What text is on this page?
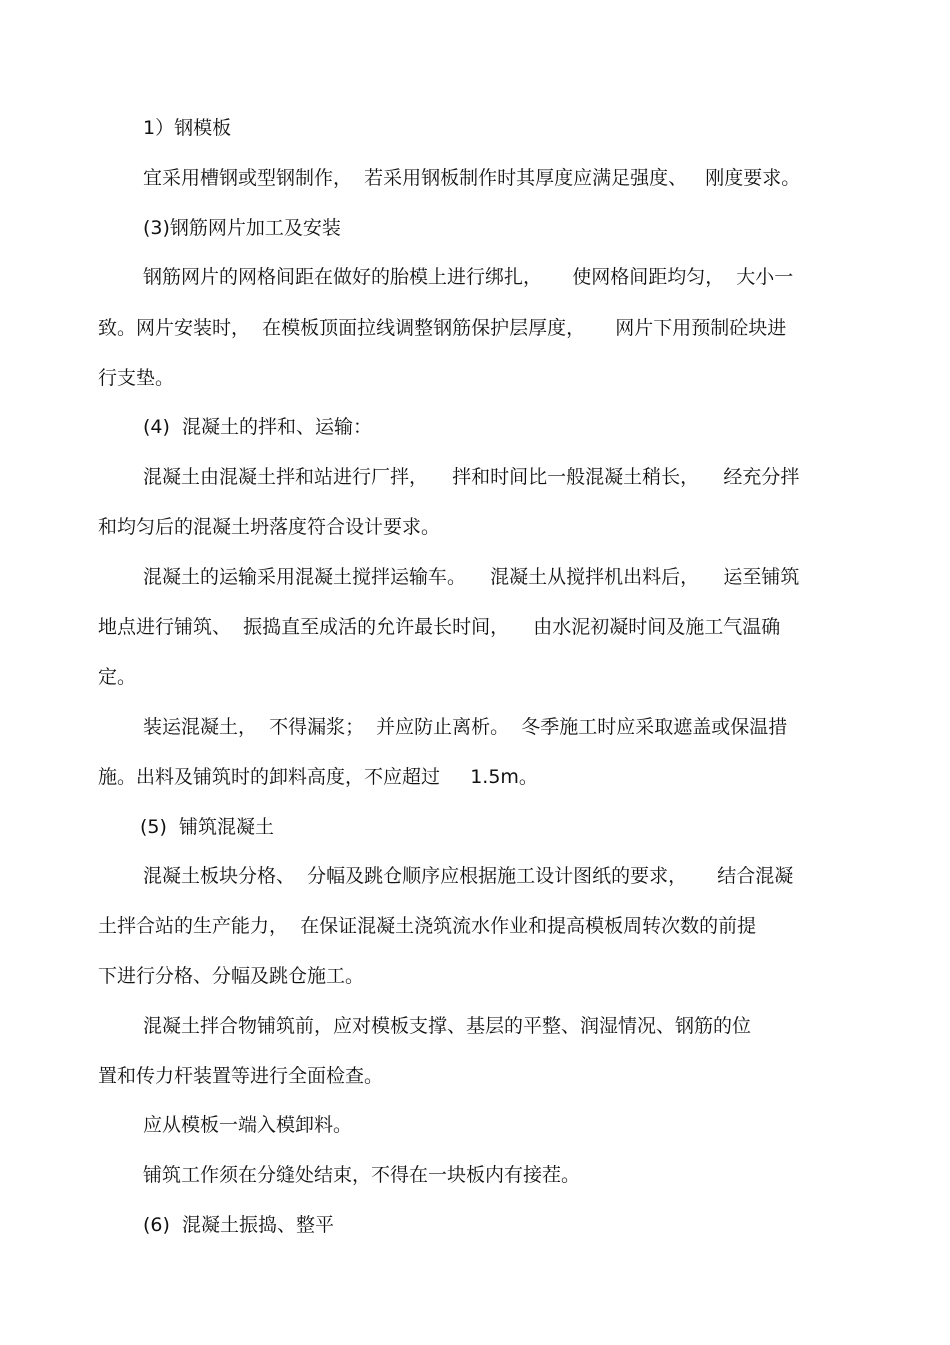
1）钢模板
宜采用槽钢或型钢制作，  若采用钢板制作时其厚度应满足强度、   刚度要求。
(3)钢筋网片加工及安装
钢筋网片的网格间距在做好的胎模上进行绑扎，     使网格间距均匀，  大小一
致。网片安装时，  在模板顶面拉线调整钢筋保护层厚度，     网片下用预制砼块进
行支垫。
(4)  混凝土的拌和、运输：
混凝土由混凝土拌和站进行厂拌，    拌和时间比一般混凝土稍长，    经充分拌
和均匀后的混凝土坍落度符合设计要求。
混凝土的运输采用混凝土搅拌运输车。    混凝土从搅拌机出料后，    运至铺筑
地点进行铺筑、  振捣直至成活的允许最长时间，    由水泥初凝时间及施工气温确
定。
装运混凝土，  不得漏浆；  并应防止离析。  冬季施工时应采取遮盖或保温措
施。出料及铺筑时的卸料高度，不应超过     1.5m。
(5)  铺筑混凝土
混凝土板块分格、  分幅及跳仓顺序应根据施工设计图纸的要求，     结合混凝
土拌合站的生产能力，  在保证混凝土浇筑流水作业和提高模板周转次数的前提
下进行分格、分幅及跳仓施工。
混凝土拌合物铺筑前，应对模板支撑、基层的平整、润湿情况、钢筋的位
置和传力杆装置等进行全面检查。
应从模板一端入模卸料。
铺筑工作须在分缝处结束，不得在一块板内有接茬。
(6)  混凝土振捣、整平
